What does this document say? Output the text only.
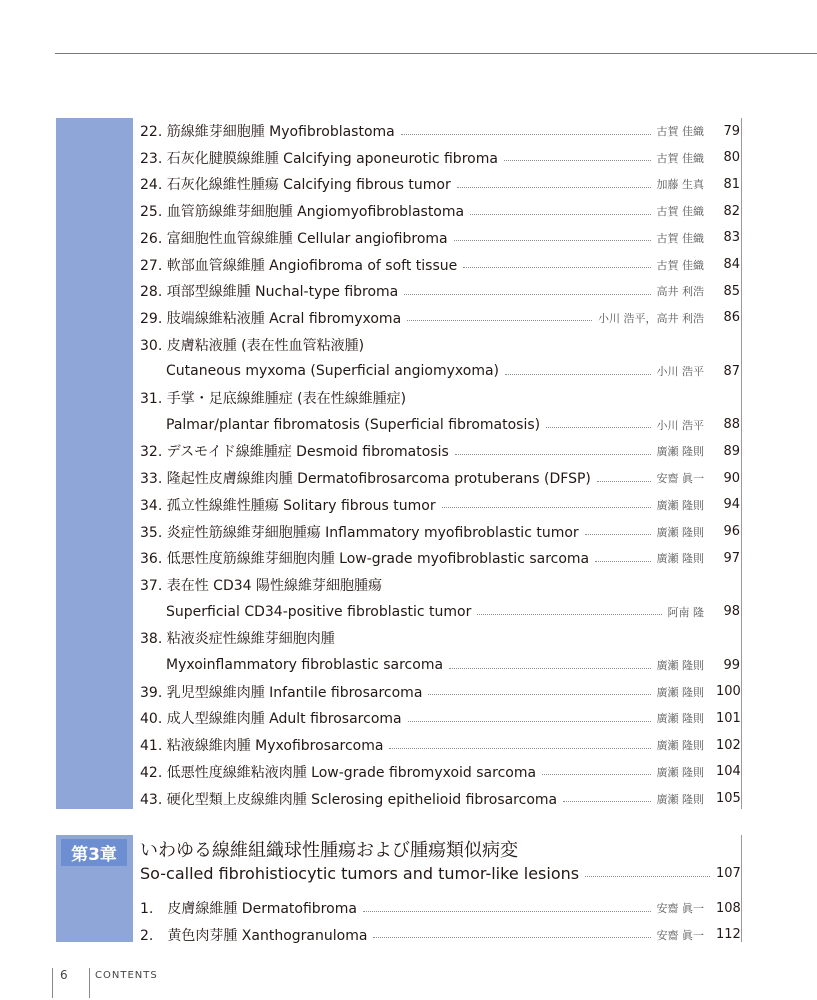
22. 筋線維芽細胞腫 Myofibroblastoma	古賀 佳織	79
23. 石灰化腱膜線維腫 Calcifying aponeurotic fibroma	古賀 佳織	80
24. 石灰化線維性腫瘍 Calcifying fibrous tumor	加藤 生真	81
25. 血管筋線維芽細胞腫 Angiomyofibroblastoma	古賀 佳織	82
26. 富細胞性血管線維腫 Cellular angiofibroma	古賀 佳織	83
27. 軟部血管線維腫 Angiofibroma of soft tissue	古賀 佳織	84
28. 項部型線維腫 Nuchal-type fibroma	高井 利浩	85
29. 肢端線維粘液腫 Acral fibromyxoma	小川 浩平，高井 利浩	86
30. 皮膚粘液腫 (表在性血管粘液腫)
Cutaneous myxoma (Superficial angiomyxoma)	小川 浩平	87
31. 手掌・足底線維腫症 (表在性線維腫症)
Palmar/plantar fibromatosis (Superficial fibromatosis)	小川 浩平	88
32. デスモイド線維腫症 Desmoid fibromatosis	廣瀬 隆則	89
33. 隆起性皮膚線維肉腫 Dermatofibrosarcoma protuberans (DFSP)	安齋 眞一	90
34. 孤立性線維性腫瘍 Solitary fibrous tumor	廣瀬 隆則	94
35. 炎症性筋線維芽細胞腫瘍 Inflammatory myofibroblastic tumor	廣瀬 隆則	96
36. 低悪性度筋線維芽細胞肉腫 Low-grade myofibroblastic sarcoma	廣瀬 隆則	97
37. 表在性 CD34 陽性線維芽細胞腫瘍
Superficial CD34-positive fibroblastic tumor	阿南 隆	98
38. 粘液炎症性線維芽細胞肉腫
Myxoinflammatory fibroblastic sarcoma	廣瀬 隆則	99
39. 乳児型線維肉腫 Infantile fibrosarcoma	廣瀬 隆則 100
40. 成人型線維肉腫 Adult fibrosarcoma	廣瀬 隆則 101
41. 粘液線維肉腫 Myxofibrosarcoma	廣瀬 隆則 102
42. 低悪性度線維粘液肉腫 Low-grade fibromyxoid sarcoma	廣瀬 隆則 104
43. 硬化型類上皮線維肉腫 Sclerosing epithelioid fibrosarcoma	廣瀬 隆則 105
第3章	いわゆる線維組織球性腫瘍および腫瘍類似病変
So-called fibrohistiocytic tumors and tumor-like lesions	107
1.　皮膚線維腫 Dermatofibroma	安齋 眞一 108
2.　黄色肉芽腫 Xanthogranuloma	安齋 眞一 112
6	CONTENTS
